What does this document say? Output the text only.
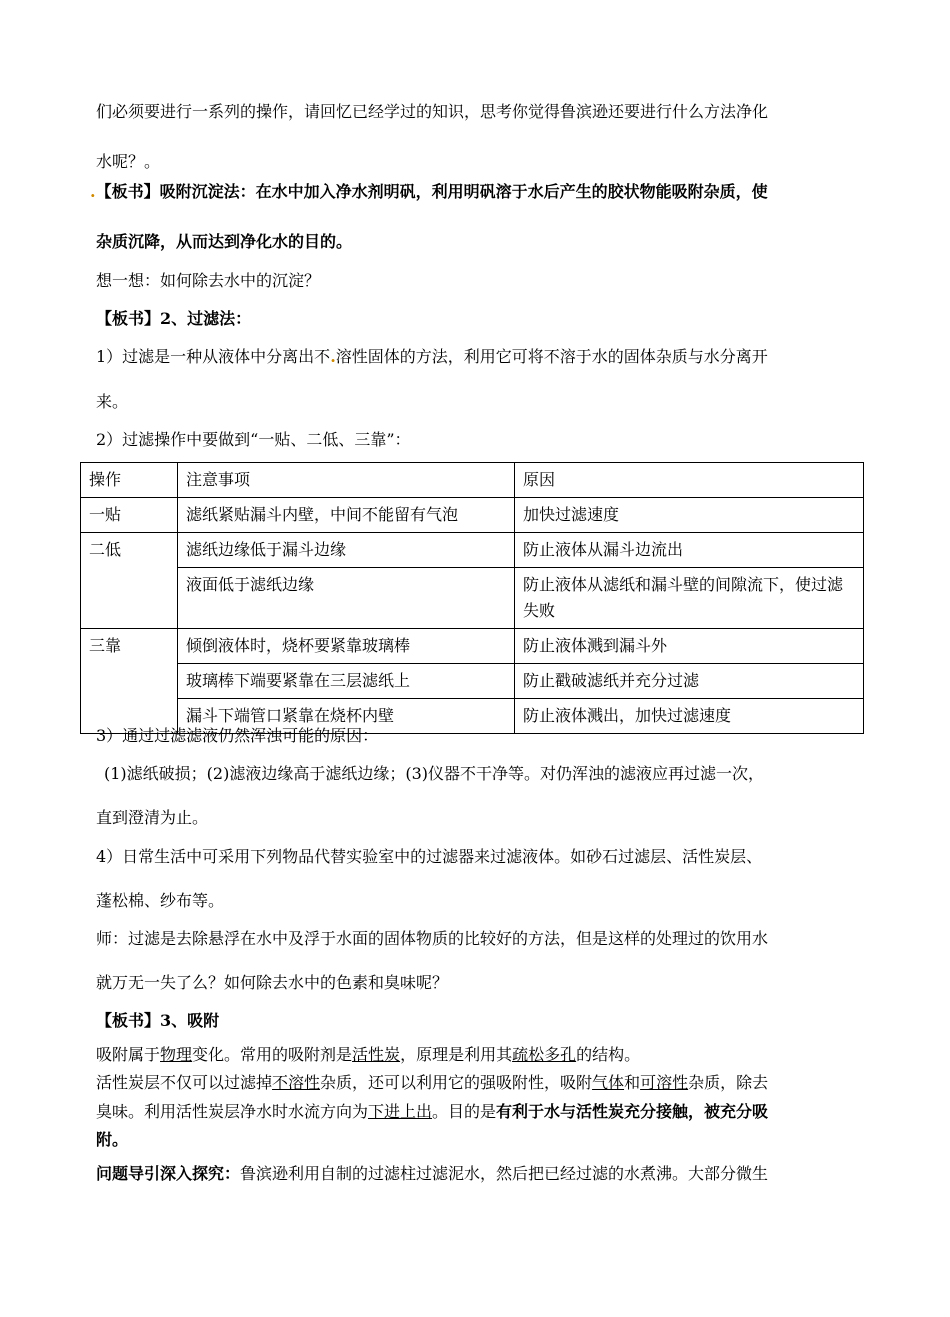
们必须要进行一系列的操作，请回忆已经学过的知识，思考你觉得鲁滨逊还要进行什么方法净化
水呢？。
.【板书】吸附沉淀法：在水中加入净水剂明矾，利用明矾溶于水后产生的胶状物能吸附杂质，使
杂质沉降，从而达到净化水的目的。
想一想：如何除去水中的沉淀？
【板书】2、过滤法：
1）过滤是一种从液体中分离出不.溶性固体的方法，利用它可将不溶于水的固体杂质与水分离开
来。
2）过滤操作中要做到“一贴、二低、三靠”：
操作	注意事项	原因
一贴	滤纸紧贴漏斗内壁，中间不能留有气泡	加快过滤速度
二低	滤纸边缘低于漏斗边缘	防止液体从漏斗边流出
	液面低于滤纸边缘	防止液体从滤纸和漏斗壁的间隙流下，使过滤失败
三靠	倾倒液体时，烧杯要紧靠玻璃棒	防止液体溅到漏斗外
	玻璃棒下端要紧靠在三层滤纸上	防止戳破滤纸并充分过滤
	漏斗下端管口紧靠在烧杯内壁	防止液体溅出，加快过滤速度
3）通过过滤滤液仍然浑浊可能的原因：
(1)滤纸破损；(2)滤液边缘高于滤纸边缘；(3)仪器不干净等。对仍浑浊的滤液应再过滤一次，
直到澄清为止。
4）日常生活中可采用下列物品代替实验室中的过滤器来过滤液体。如砂石过滤层、活性炭层、
蓬松棉、纱布等。
师：过滤是去除悬浮在水中及浮于水面的固体物质的比较好的方法，但是这样的处理过的饮用水
就万无一失了么？如何除去水中的色素和臭味呢？
【板书】3、吸附
吸附属于物理变化。常用的吸附剂是活性炭，原理是利用其疏松多孔的结构。
活性炭层不仅可以过滤掉不溶性杂质，还可以利用它的强吸附性，吸附气体和可溶性杂质，除去
臭味。利用活性炭层净水时水流方向为下进上出。目的是有利于水与活性炭充分接触，被充分吸
附。
问题导引深入探究：鲁滨逊利用自制的过滤柱过滤泥水，然后把已经过滤的水煮沸。大部分微生
